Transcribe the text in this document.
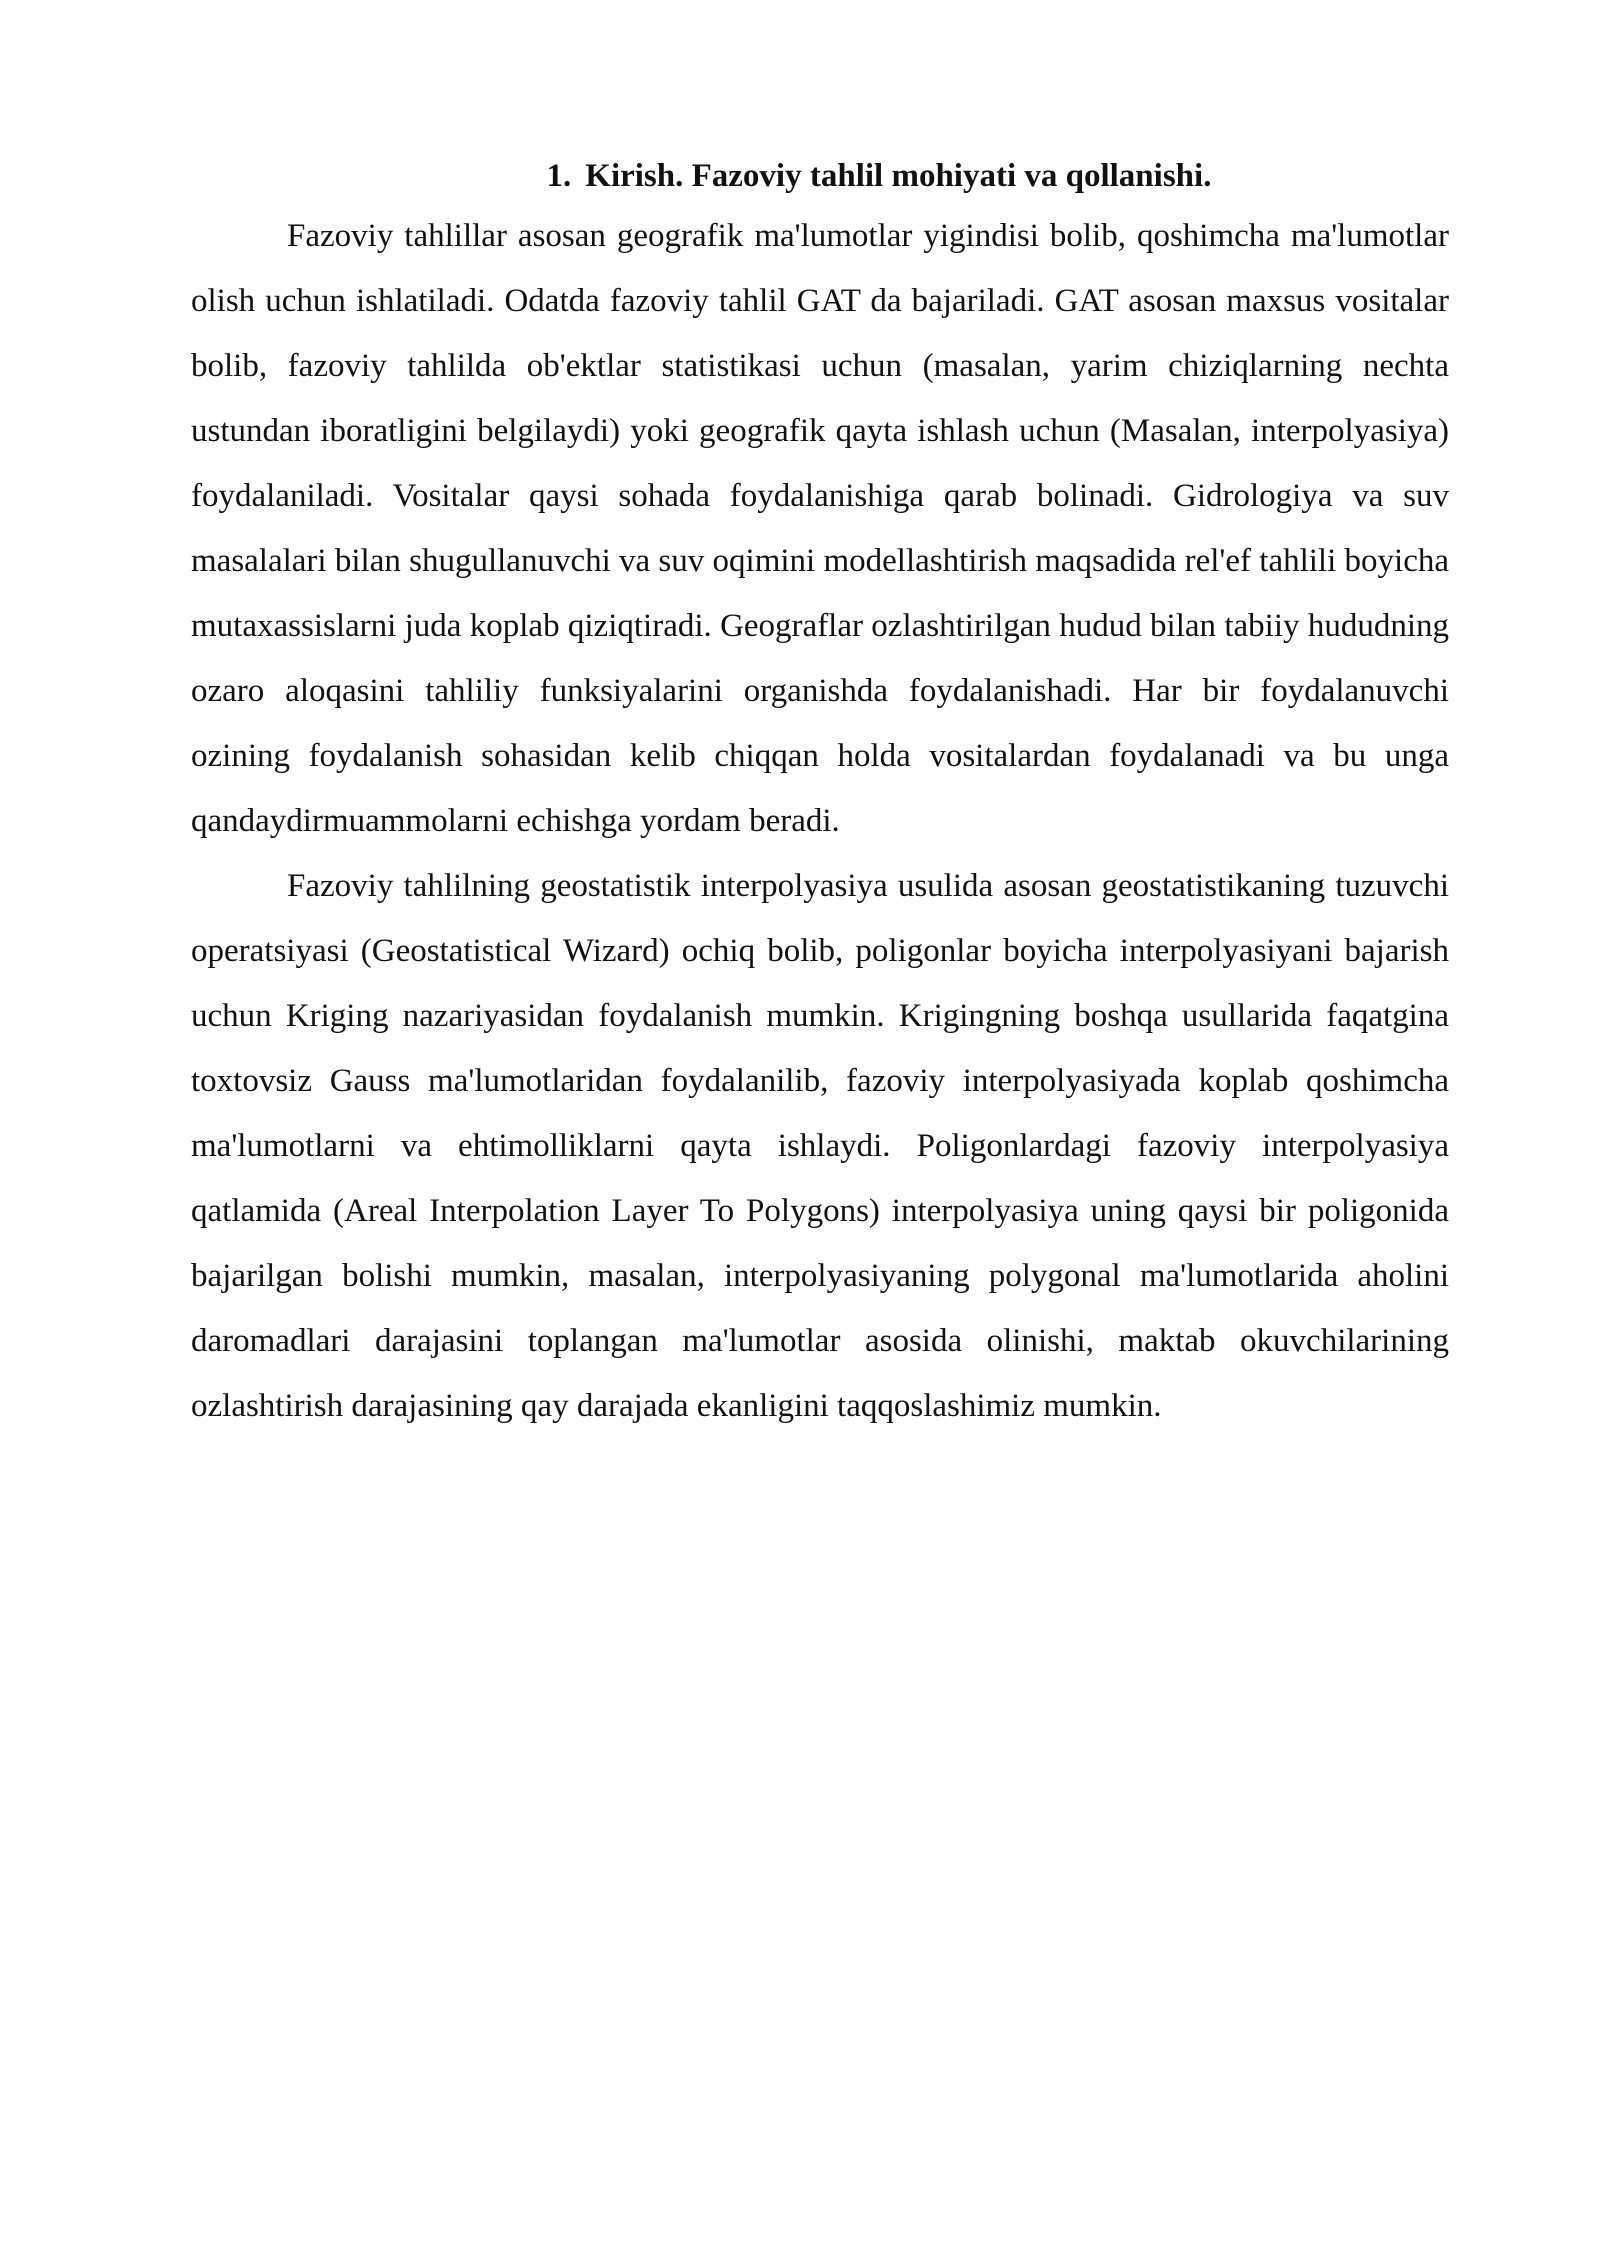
1. Kirish. Fazoviy tahlil mohiyati va qollanishi.

Fazoviy tahlillar asosan geografik ma'lumotlar yigindisi bolib, qoshimcha ma'lumotlar olish uchun ishlatiladi. Odatda fazoviy tahlil GAT da bajariladi. GAT asosan maxsus vositalar bolib, fazoviy tahlilda ob'ektlar statistikasi uchun (masalan, yarim chiziqlarning nechta ustundan iboratligini belgilaydi) yoki geografik qayta ishlash uchun (Masalan, interpolyasiya) foydalaniladi. Vositalar qaysi sohada foydalanishiga qarab bolinadi. Gidrologiya va suv masalalari bilan shugullanuvchi va suv oqimini modellashtirish maqsadida rel'ef tahlili boyicha mutaxassislarni juda koplab qiziqtiradi. Geograflar ozlashtirilgan hudud bilan tabiiy hududning ozaro aloqasini tahliliy funksiyalarini organishda foydalanishadi. Har bir foydalanuvchi ozining foydalanish sohasidan kelib chiqqan holda vositalardan foydalanadi va bu unga qandaydirmuammolarni echishga yordam beradi.

Fazoviy tahlilning geostatistik interpolyasiya usulida asosan geostatistikaning tuzuvchi operatsiyasi (Geostatistical Wizard) ochiq bolib, poligonlar boyicha interpolyasiyani bajarish uchun Kriging nazariyasidan foydalanish mumkin. Krigingning boshqa usullarida faqatgina toxtovsiz Gauss ma'lumotlaridan foydalanilib, fazoviy interpolyasiyada koplab qoshimcha ma'lumotlarni va ehtimolliklarni qayta ishlaydi. Poligonlardagi fazoviy interpolyasiya qatlamida (Areal Interpolation Layer To Polygons) interpolyasiya uning qaysi bir poligonida bajarilgan bolishi mumkin, masalan, interpolyasiyaning polygonal ma'lumotlarida aholini daromadlari darajasini toplangan ma'lumotlar asosida olinishi, maktab okuvchilarining ozlashtirish darajasining qay darajada ekanligini taqqoslashimiz mumkin.
